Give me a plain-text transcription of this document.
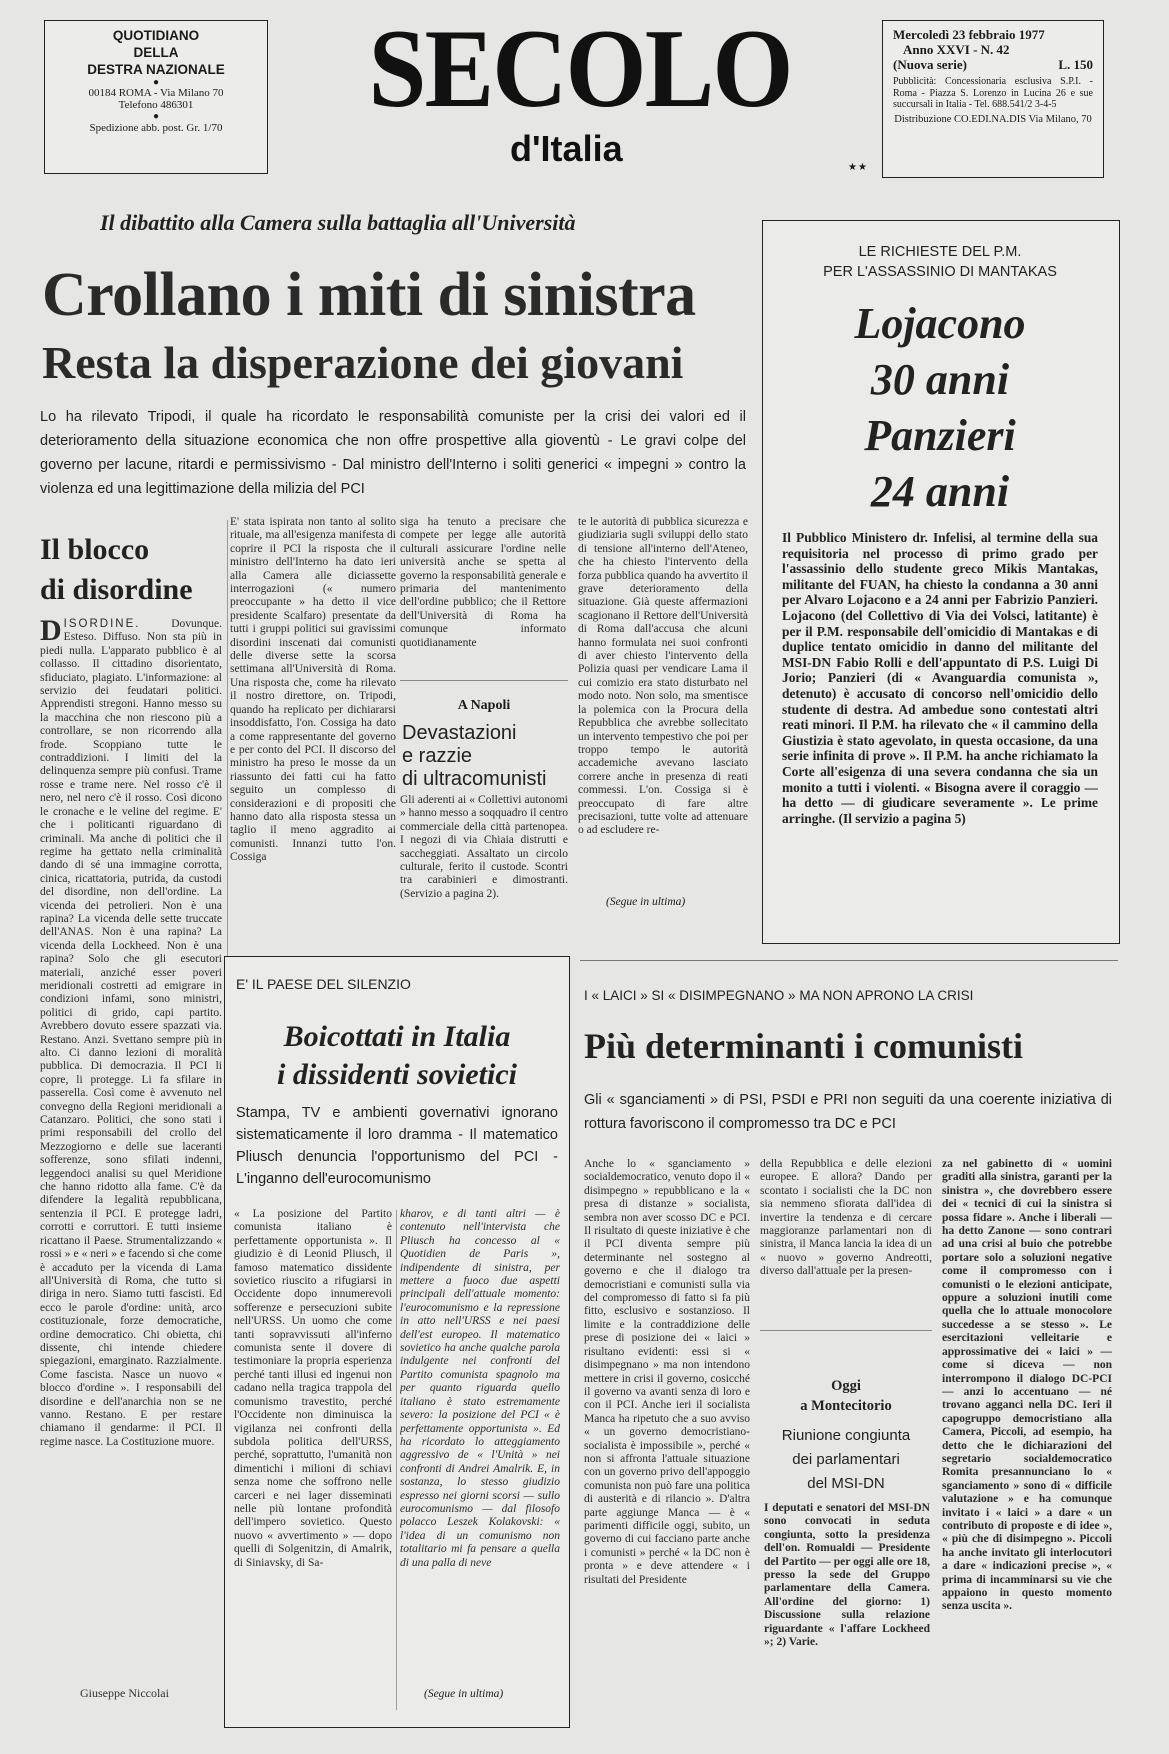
QUOTIDIANO
DELLA
DESTRA NAZIONALE
●
00184 ROMA - Via Milano 70
Telefono 486301
●
Spedizione abb. post. Gr. 1/70	SECOLO
d'Italia	★★
Mercoledì 23 febbraio 1977
Anno XXVI - N. 42
(Nuova serie)	L. 150
Pubblicità: Concessionaria esclusiva S.P.I. - Roma - Piazza S. Lorenzo in Lucina 26 e sue succursali in Italia - Tel. 688.541/2 3-4-5
Distribuzione CO.EDI.NA.DIS Via Milano, 70
Il dibattito alla Camera sulla battaglia all'Università
Crollano i miti di sinistra
Resta la disperazione dei giovani
Lo ha rilevato Tripodi, il quale ha ricordato le responsabilità comuniste per la crisi dei valori ed il deterioramento della situazione economica che non offre prospettive alla gioventù - Le gravi colpe del governo per lacune, ritardi e permissivismo - Dal ministro dell'Interno i soliti generici « impegni » contro la violenza ed una legittimazione della milizia del PCI
Il blocco
di disordine
D ISORDINE.	Dovunque. Esteso. Diffuso. Non sta più in piedi nulla. L'apparato pubblico è al collasso. Il cittadino disorientato, sfiduciato, plagiato. L'informazione: al servizio dei feudatari politici. Apprendisti stregoni. Hanno messo su la macchina che non riescono più a controllare, se non ricorrendo alla frode. Scoppiano tutte le contraddizioni. I limiti del la delinquenza sempre più confusi. Trame rosse e trame nere. Nel rosso c'è il nero, nel nero c'è il rosso. Così dicono le cronache e le veline del regime. E' che i politicanti riguardano di criminali. Ma anche di politici che il regime ha gettato nella criminalità dando di sé una immagine corrotta, cinica, ricattatoria, putrida, da custodi del disordine, non dell'ordine. La vicenda dei petrolieri. Non è una rapina? La vicenda delle sette truccate dell'ANAS. Non è una rapina? La vicenda della Lockheed. Non è una rapina? Solo che gli esecutori materiali, anziché esser poveri meridionali costretti ad emigrare in condizioni infami, sono ministri, politici di grido, capi partito. Avrebbero dovuto essere spazzati via. Restano. Anzi. Svettano sempre più in alto. Ci danno lezioni di moralità pubblica. Di democrazia. Il PCI li copre, li protegge. Li fa sfilare in passerella. Così come è avvenuto nel convegno della Regioni meridionali a Catanzaro. Politici, che sono stati i primi responsabili del crollo del Mezzogiorno e delle sue laceranti sofferenze, sono sfilati indenni, leggendoci analisi su quel Meridione che hanno ridotto alla fame. C'è da difendere la legalità repubblicana, sentenzia il PCI. E protegge ladri, corrotti e corruttori. E tutti insieme ricattano il Paese. Strumentalizzando « rossi » e « neri » e facendo sì che come è accaduto per la vicenda di Lama all'Università di Roma, che tutto si diriga in nero. Siamo tutti fascisti. Ed ecco le parole d'ordine: unità, arco costituzionale, forze democratiche, ordine democratico. Chi obietta, chi dissente, chi intende chiedere spiegazioni, emarginato. Razzialmente. Come fascista. Nasce un nuovo « blocco d'ordine ». I responsabili del disordine e dell'anarchia non se ne vanno. Restano. E per restare chiamano il gendarme: il PCI. Il regime nasce. La Costituzione muore.
Giuseppe Niccolai
E' stata ispirata non tanto al solito rituale, ma all'esigenza manifesta di coprire il PCI la risposta che il ministro dell'Interno ha dato ieri alla Camera alle diciassette interrogazioni (« numero preoccupante » ha detto il vice presidente Scalfaro) presentate da tutti i gruppi politici sui gravissimi disordini inscenati dai comunisti delle diverse sette la scorsa settimana all'Università di Roma. Una risposta che, come ha rilevato il nostro direttore, on. Tripodi, quando ha replicato per dichiararsi insoddisfatto, l'on. Cossiga ha dato a come rappresentante del governo e per conto del PCI. Il discorso del ministro ha preso le mosse da un riassunto dei fatti cui ha fatto seguito un complesso di considerazioni e di propositi che hanno dato alla risposta stessa un taglio il meno aggradito ai comunisti. Innanzi tutto l'on. Cossiga
siga ha tenuto a precisare che compete per legge alle autorità culturali assicurare l'ordine nelle università anche se spetta al governo la responsabilità generale e primaria del mantenimento dell'ordine pubblico; che il Rettore dell'Università di Roma ha comunque informato quotidianamente
te le autorità di pubblica sicurezza e giudiziaria sugli sviluppi dello stato di tensione all'interno dell'Ateneo, che ha chiesto l'intervento della forza pubblica quando ha avvertito il grave deterioramento della situazione. Già queste affermazioni scagionano il Rettore dell'Università di Roma dall'accusa che alcuni hanno formulata nei suoi confronti di aver chiesto l'intervento della Polizia quasi per vendicare Lama il cui comizio era stato disturbato nel modo noto. Non solo, ma smentisce la polemica con la Procura della Repubblica che avrebbe sollecitato un intervento tempestivo che poi per troppo tempo le autorità accademiche avevano lasciato correre anche in presenza di reati commessi. L'on. Cossiga si è preoccupato di fare altre precisazioni, tutte volte ad attenuare o ad escludere re-
(Segue in ultima)
A Napoli
Devastazioni
e razzie
di ultracomunisti
Gli aderenti ai « Collettivi autonomi » hanno messo a soqquadro il centro commerciale della città partenopea. I negozi di via Chiaia distrutti e saccheggiati. Assaltato un circolo culturale, ferito il custode. Scontri tra carabinieri e dimostranti. (Servizio a pagina 2).
LE RICHIESTE DEL P.M.
PER L'ASSASSINIO DI MANTAKAS
Lojacono
30 anni
Panzieri
24 anni
Il Pubblico Ministero dr. Infelisi, al termine della sua requisitoria nel processo di primo grado per l'assassinio dello studente greco Mikis Mantakas, militante del FUAN, ha chiesto la condanna a 30 anni per Alvaro Lojacono e a 24 anni per Fabrizio Panzieri. Lojacono (del Collettivo di Via dei Volsci, latitante) è per il P.M. responsabile dell'omicidio di Mantakas e di duplice tentato omicidio in danno del militante del MSI-DN Fabio Rolli e dell'appuntato di P.S. Luigi Di Jorio; Panzieri (di « Avanguardia comunista », detenuto) è accusato di concorso nell'omicidio dello studente di destra. Ad ambedue sono contestati altri reati minori. Il P.M. ha rilevato che « il cammino della Giustizia è stato agevolato, in questa occasione, da una serie infinita di prove ». Il P.M. ha anche richiamato la Corte all'esigenza di una severa condanna che sia un monito a tutti i violenti. « Bisogna avere il coraggio — ha detto — di giudicare severamente ». Le prime arringhe. (Il servizio a pagina 5)
E' IL PAESE DEL SILENZIO
Boicottati in Italia
i dissidenti sovietici
Stampa, TV e ambienti governativi ignorano sistematicamente il loro dramma - Il matematico Pliusch denuncia l'opportunismo del PCI - L'inganno dell'eurocomunismo
« La posizione del Partito comunista italiano è perfettamente opportunista ». Il giudizio è di Leonid Pliusch, il famoso matematico dissidente sovietico riuscito a rifugiarsi in Occidente dopo innumerevoli sofferenze e persecuzioni subite nell'URSS. Un uomo che come tanti sopravvissuti all'inferno comunista sente il dovere di testimoniare la propria esperienza perché tanti illusi ed ingenui non cadano nella tragica trappola del comunismo travestito, perché l'Occidente non diminuisca la vigilanza nei confronti della subdola politica dell'URSS, perché, soprattutto, l'umanità non dimentichi i milioni di schiavi senza nome che soffrono nelle carceri e nei lager disseminati nelle più lontane profondità dell'impero sovietico. Questo nuovo « avvertimento » — dopo quelli di Solgenitzin, di Amalrik, di Siniavsky, di Sa-
kharov, e di tanti altri — è contenuto nell'intervista che Pliusch ha concesso al « Quotidien de Paris », indipendente di sinistra, per mettere a fuoco due aspetti principali dell'attuale momento: l'eurocomunismo e la repressione in atto nell'URSS e nei paesi dell'est europeo. Il matematico sovietico ha anche qualche parola indulgente nei confronti del Partito comunista spagnolo ma per quanto riguarda quello italiano è stato estremamente severo: la posizione del PCI « è perfettamente opportunista ». Ed ha ricordato lo atteggiamento aggressivo de « l'Unità » nei confronti di Andrei Amalrik. E, in sostanza, lo stesso giudizio espresso nei giorni scorsi — sullo eurocomunismo — dal filosofo polacco Leszek Kolakovski: « l'idea di un comunismo non totalitario mi fa pensare a quella di una palla di neve
(Segue in ultima)
I « LAICI » SI « DISIMPEGNANO » MA NON APRONO LA CRISI
Più determinanti i comunisti
Gli « sganciamenti » di PSI, PSDI e PRI non seguiti da una coerente iniziativa di rottura favoriscono il compromesso tra DC e PCI
Anche lo « sganciamento » socialdemocratico, venuto dopo il « disimpegno » repubblicano e la « presa di distanze » socialista, sembra non aver scosso DC e PCI. Il risultato di queste iniziative è che il PCI diventa sempre più determinante nel sostegno al governo e che il dialogo tra democristiani e comunisti sulla via del compromesso di fatto si fa più fitto, esclusivo e sostanzioso. Il limite e la contraddizione delle prese di posizione dei « laici » risultano evidenti: essi si « disimpegnano » ma non intendono mettere in crisi il governo, cosicché il governo va avanti senza di loro e con il PCI. Anche ieri il socialista Manca ha ripetuto che a suo avviso « un governo democristiano-socialista è impossibile », perché « non si affronta l'attuale situazione con un governo privo dell'appoggio comunista non può fare una politica di austerità e di rilancio ». D'altra parte aggiunge Manca — è « parimenti difficile oggi, subito, un governo di cui facciano parte anche i comunisti » perché « la DC non è pronta » e deve attendere « i risultati del Presidente
della Repubblica e delle elezioni europee. E allora? Dando per scontato i socialisti che la DC non sia nemmeno sfiorata dall'idea di invertire la tendenza e di cercare maggioranze parlamentari non di sinistra, il Manca lancia la idea di un « nuovo » governo Andreotti, diverso dall'attuale per la presen-
za nel gabinetto di « uomini graditi alla sinistra, garanti per la sinistra », che dovrebbero essere dei « tecnici di cui la sinistra si possa fidare ». Anche i liberali — ha detto Zanone — sono contrari ad una crisi al buio che potrebbe portare solo a soluzioni negative come il compromesso con i comunisti o le elezioni anticipate, oppure a soluzioni inutili come quella che lo attuale monocolore succedesse a se stesso ». Le esercitazioni velleitarie e approssimative dei « laici » — come si diceva — non interrompono il dialogo DC-PCI — anzi lo accentuano — né trovano agganci nella DC. Ieri il capogruppo democristiano alla Camera, Piccoli, ad esempio, ha detto che le dichiarazioni del segretario socialdemocratico Romita presannunciano lo « sganciamento » sono di « difficile valutazione » e ha comunque invitato i « laici » a dare « un contributo di proposte e di idee », « più che di disimpegno ». Piccoli ha anche invitato gli interlocutori a dare « indicazioni precise », « prima di incamminarsi su vie che appaiono in questo momento senza uscita ».
Oggi
a Montecitorio
Riunione congiunta
dei parlamentari
del MSI-DN
I deputati e senatori del MSI-DN sono convocati in seduta congiunta, sotto la presidenza dell'on. Romualdi — Presidente del Partito — per oggi alle ore 18, presso la sede del Gruppo parlamentare della Camera. All'ordine del giorno: 1) Discussione sulla relazione riguardante « l'affare Lockheed »; 2) Varie.
